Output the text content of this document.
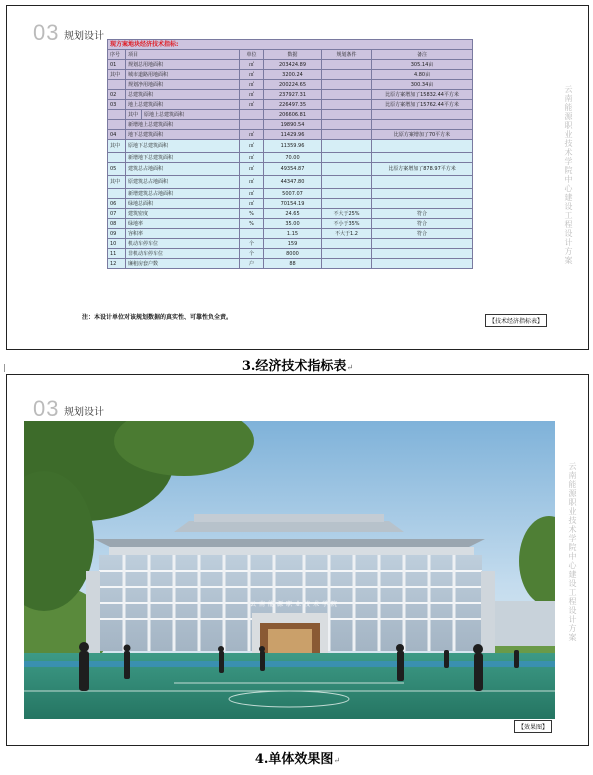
03 规划设计
云南能源职业技术学院中心建设工程设计方案
现方案地块经济技术指标:						
序号	项目		单位	数据	规划条件	备注
01	规划总用地面积		㎡	203424.89		305.14亩
其中	城市道路用地面积		㎡	3200.24		4.80亩
	规划净用地面积		㎡	200224.65		300.34亩
02	总建筑面积		㎡	237927.31		比原方案增加了15832.44平方米
03	地上总建筑面积		㎡	226497.35		比原方案增加了15762.44平方米
	其中	原地上总建筑面积		206606.81		
	新增地上总建筑面积			19890.54		
04	地下总建筑面积		㎡	11429.96		比原方案增加了70平方米
其中	原地下总建筑面积		㎡	11359.96		
	新增地下总建筑面积		㎡	70.00		
05	建筑总占地面积		㎡	49354.87		比原方案增加了878.97平方米
其中	原建筑总占地面积		㎡	44347.80		
	新增建筑总占地面积		㎡	5007.07		
06	绿地总面积		㎡	70154.19		
07	建筑密度		%	24.65	不大于25%	符合
08	绿地率		%	35.00	不小于35%	符合
09	容积率			1.15	不大于1.2	符合
10	机动车停车位		个	159		
11	非机动车停车位		个	8000		
12	廉租房套户数		户	88		
注：本设计单位对该规划数据的真实性、可靠性负全责。
【技术经济指标表】
3.经济技术指标表↵
03 规划设计
云南能源职业技术学院中心建设工程设计方案
云南能源职业技术学院
【效果图】
4.单体效果图↵
